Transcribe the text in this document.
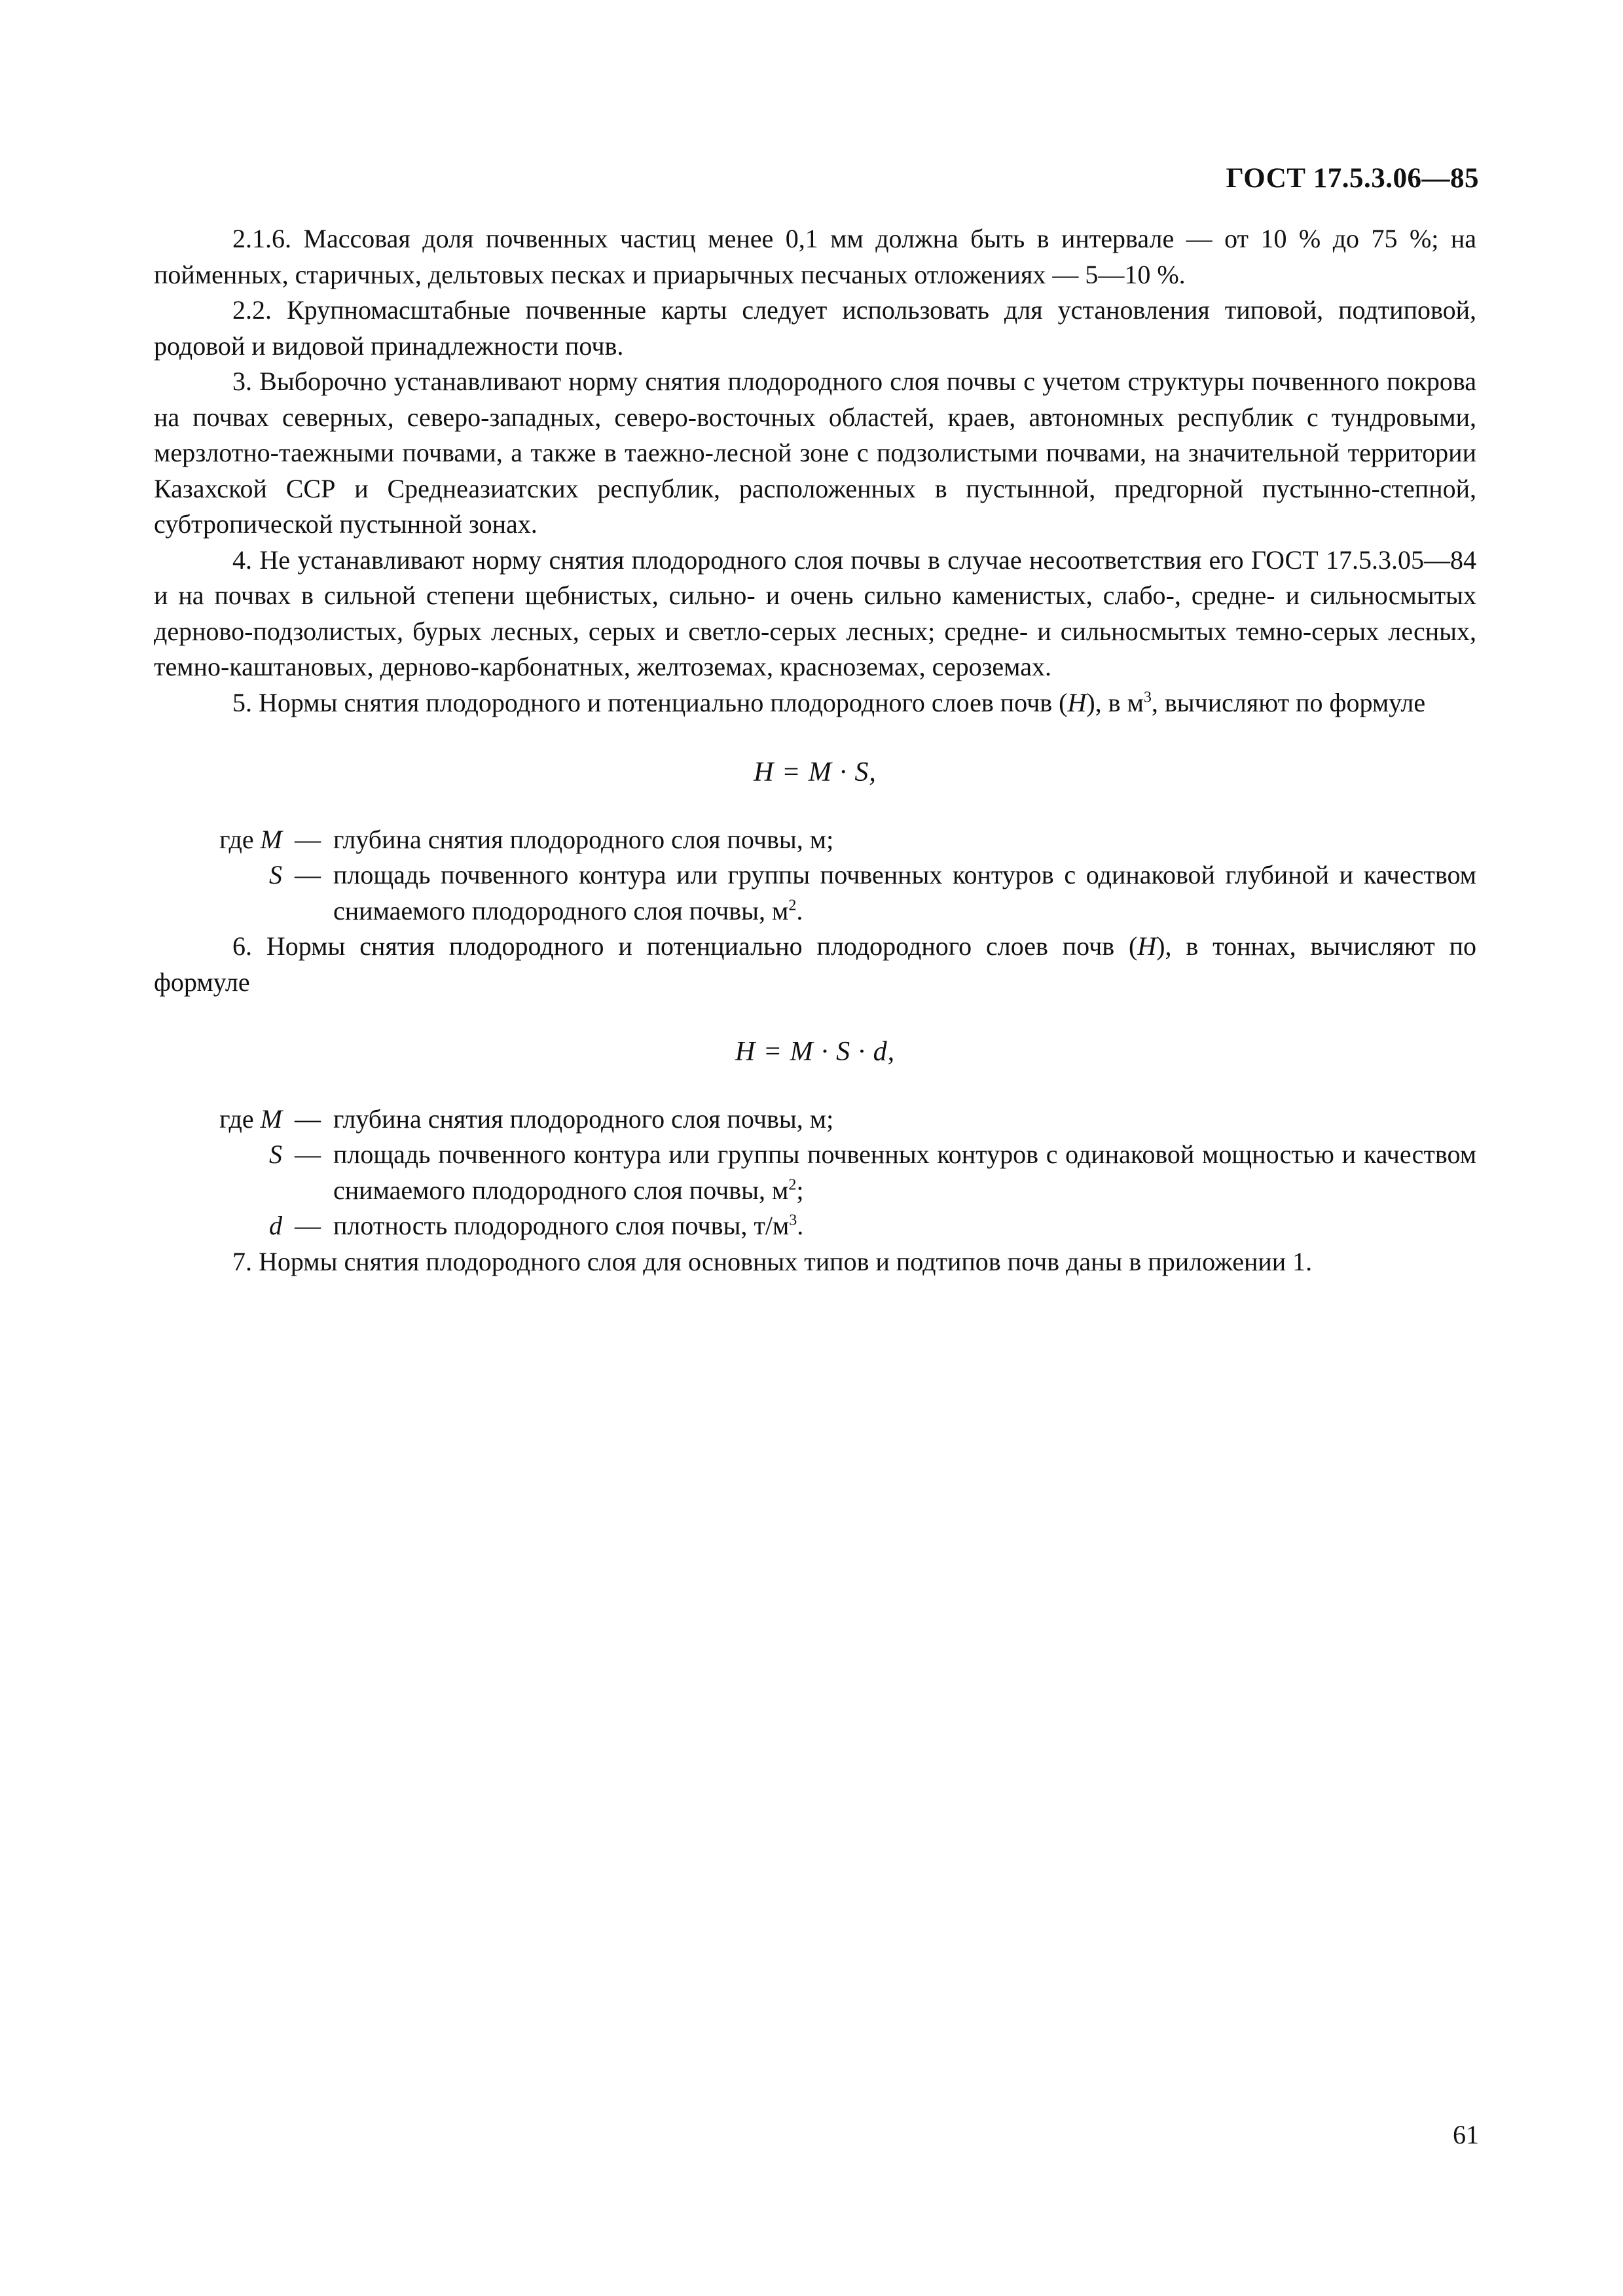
ГОСТ 17.5.3.06—85

2.1.6. Массовая доля почвенных частиц менее 0,1 мм должна быть в интервале — от 10 % до 75 %; на пойменных, старичных, дельтовых песках и приарычных песчаных отложениях — 5—10 %.

2.2. Крупномасштабные почвенные карты следует использовать для установления типовой, подтиповой, родовой и видовой принадлежности почв.

3. Выборочно устанавливают норму снятия плодородного слоя почвы с учетом структуры почвенного покрова на почвах северных, северо-западных, северо-восточных областей, краев, автономных республик с тундровыми, мерзлотно-таежными почвами, а также в таежно-лесной зоне с подзолистыми почвами, на значительной территории Казахской ССР и Среднеазиатских республик, расположенных в пустынной, предгорной пустынно-степной, субтропической пустынной зонах.

4. Не устанавливают норму снятия плодородного слоя почвы в случае несоответствия его ГОСТ 17.5.3.05—84 и на почвах в сильной степени щебнистых, сильно- и очень сильно каменистых, слабо-, средне- и сильносмытых дерново-подзолистых, бурых лесных, серых и светло-серых лесных; средне- и сильносмытых темно-серых лесных, темно-каштановых, дерново-карбонатных, желтоземах, красноземах, сероземах.

5. Нормы снятия плодородного и потенциально плодородного слоев почв (Н), в $м^3$, вычисляют по формуле

Н = М · S,
где М — глубина снятия плодородного слоя почвы, м;
S — площадь почвенного контура или группы почвенных контуров с одинаковой глубиной и качеством снимаемого плодородного слоя почвы, $м^2$.

6. Нормы снятия плодородного и потенциально плодородного слоев почв (Н), в тоннах, вычисляют по формуле

Н = М · S · d,
где М — глубина снятия плодородного слоя почвы, м;
S — площадь почвенного контура или группы почвенных контуров с одинаковой мощностью и качеством снимаемого плодородного слоя почвы, $м^2$;
d — плотность плодородного слоя почвы, $т/м^3$.

7. Нормы снятия плодородного слоя для основных типов и подтипов почв даны в приложении 1.

61
